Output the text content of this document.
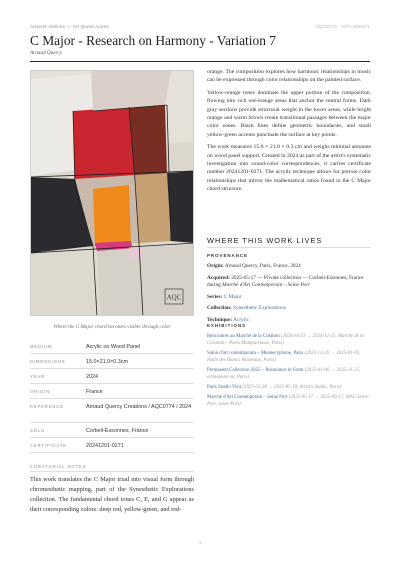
Artwork Notices — Art Quest Anime	AQC0774 · NTC-000271
C Major - Research on Harmony - Variation 7
Arnaud Quercy
AQC
Where the C Major chord becomes visible through color
MEDIUM	Acrylic on Wood Panel
DIMENSIONS	15.0×21.0×0.3cm
YEAR	2024
ORIGIN	France
REFERENCE	Arnaud Quercy Creations / AQC0774 / 2024
SOLD	Corbeil-Essonnes, France
CERTIFICATE	20241201-0271
CURATORIAL NOTES
This work translates the C Major triad into visual form through chromesthetic mapping, part of the Synesthetic Explorations collection. The fundamental chord tones C, E, and G appear as their corresponding colors: deep red, yellow-green, and red-

orange. The composition explores how harmonic relationships in music can be expressed through color relationships on the painted surface.

Yellow-orange tones dominate the upper portion of the composition, flowing into rich red-orange areas that anchor the central forms. Dark gray sections provide structural weight in the lower areas, while bright orange and warm brown create transitional passages between the major color zones. Black lines define geometric boundaries, and small yellow-green accents punctuate the surface at key points.

The work measures 15.0 × 21.0 × 0.3 cm and weighs minimal amounts on wood panel support. Created in 2024 as part of the artist's systematic investigation into sound-color correspondences, it carries certificate number 20241201-0271. The acrylic technique allows for precise color relationships that mirror the mathematical ratios found in the C Major chord structure.

WHERE THIS WORK LIVES
PROVENANCE
Origin: Arnaud Quercy, Paris, France, 2024
Acquired: 2025-05-17 — Private collection — Corbeil-Essonnes, France during Marché d'Art Contemporain – Seine Port
Series: C Major
Collection: Synesthetic Explorations
Technique: Acrylic
EXHIBITIONS
Rencontres au Marché de la Création (2024-04-23 → 2024-12-15, Marché de la Création – Paris Montparnasse, Paris)
Salon d'art contemporain – Mennecyphone, Paris (2024-12-26 → 2025-01-05, Halle des Blancs Manteaux, Paris)
Permanent Collection 2025 – Resonance in Form (2025-01-06 → 2025-11-25, artmajeure.eu, Paris)
Paris Studio Visit (2025-02-28 → 2025-05-18, Artist's Studio, Paris)
Marché d'Art Contemporain – Seine Port (2025-05-17 → 2025-06-17, MAC Seine-Port, Seine-Port)
1
